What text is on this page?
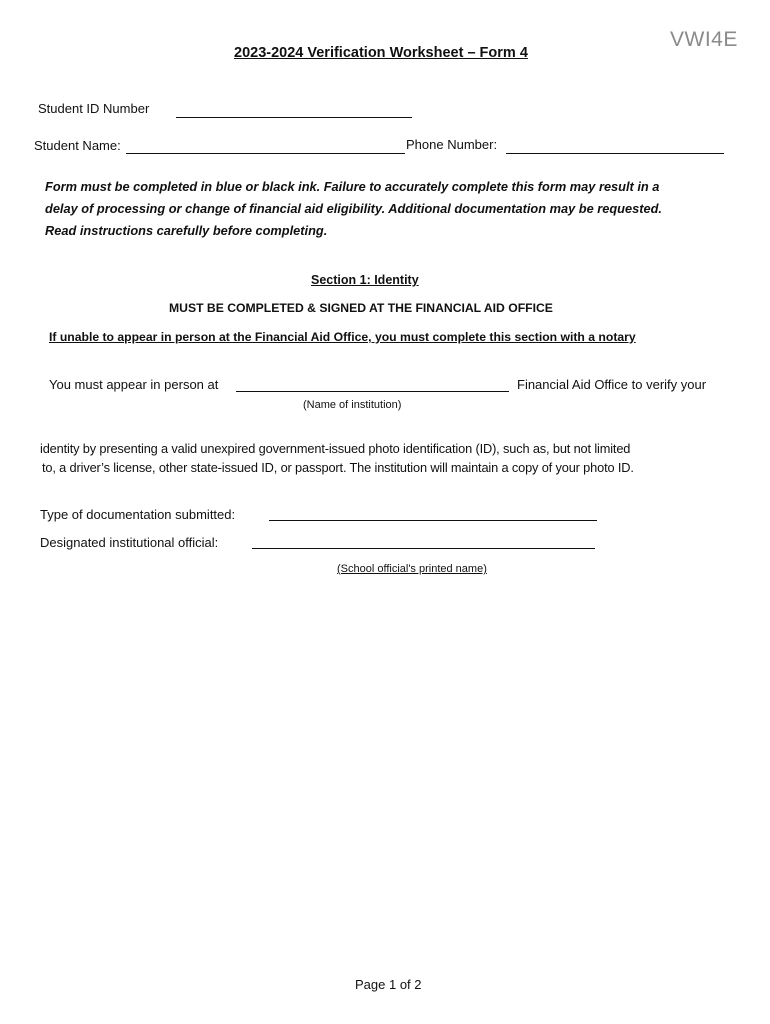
VWI4E
2023-2024 Verification Worksheet – Form 4
Student ID Number
Student Name:	Phone Number:
Form must be completed in blue or black ink. Failure to accurately complete this form may result in a
delay of processing or change of financial aid eligibility. Additional documentation may be requested.
Read instructions carefully before completing.
Section 1: Identity
MUST BE COMPLETED & SIGNED AT THE FINANCIAL AID OFFICE
If unable to appear in person at the Financial Aid Office, you must complete this section with a notary
You must appear in person at	Financial Aid Office to verify your
(Name of institution)
identity by presenting a valid unexpired government-issued photo identification (ID), such as, but not limited
to, a driver’s license, other state-issued ID, or passport. The institution will maintain a copy of your photo ID.
Type of documentation submitted:
Designated institutional official:
(School official's printed name)
Page 1 of 2
